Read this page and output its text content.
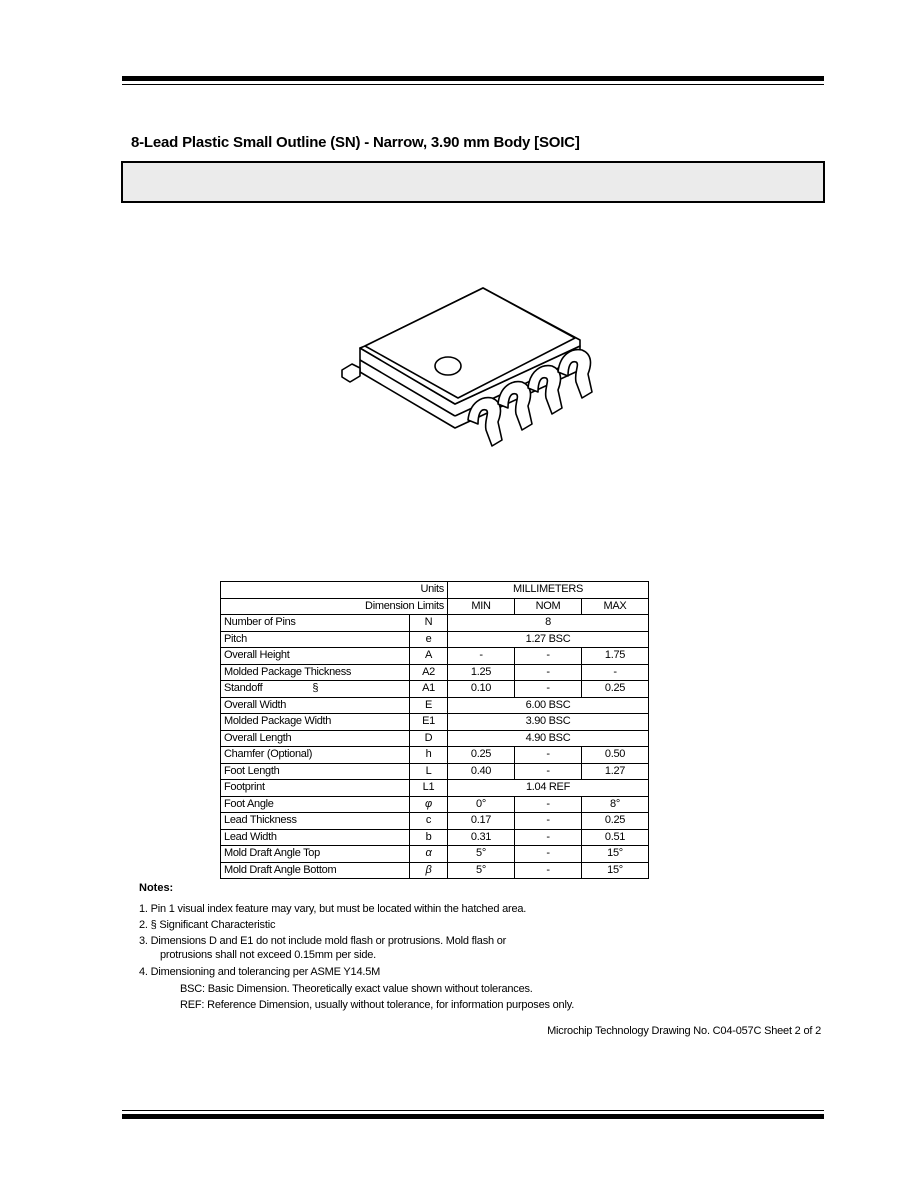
8-Lead Plastic Small Outline (SN) - Narrow, 3.90 mm Body [SOIC]
Units		MILLIMETERS		
Dimension Limits		MIN	NOM	MAX
Number of Pins	N	8		
Pitch	e	1.27 BSC		
Overall Height	A	-	-	1.75
Molded Package Thickness	A2	1.25	-	-
Standoff §	A1	0.10	-	0.25
Overall Width	E	6.00 BSC		
Molded Package Width	E1	3.90 BSC		
Overall Length	D	4.90 BSC		
Chamfer (Optional)	h	0.25	-	0.50
Foot Length	L	0.40	-	1.27
Footprint	L1	1.04 REF		
Foot Angle	φ	0°	-	8°
Lead Thickness	c	0.17	-	0.25
Lead Width	b	0.31	-	0.51
Mold Draft Angle Top	α	5°	-	15°
Mold Draft Angle Bottom	β	5°	-	15°
Notes:
1. Pin 1 visual index feature may vary, but must be located within the hatched area.
2. § Significant Characteristic
3. Dimensions D and E1 do not include mold flash or protrusions. Mold flash or
protrusions shall not exceed 0.15mm per side.
4. Dimensioning and tolerancing per ASME Y14.5M
BSC: Basic Dimension. Theoretically exact value shown without tolerances.
REF: Reference Dimension, usually without tolerance, for information purposes only.
Microchip Technology Drawing No. C04-057C Sheet 2 of 2
